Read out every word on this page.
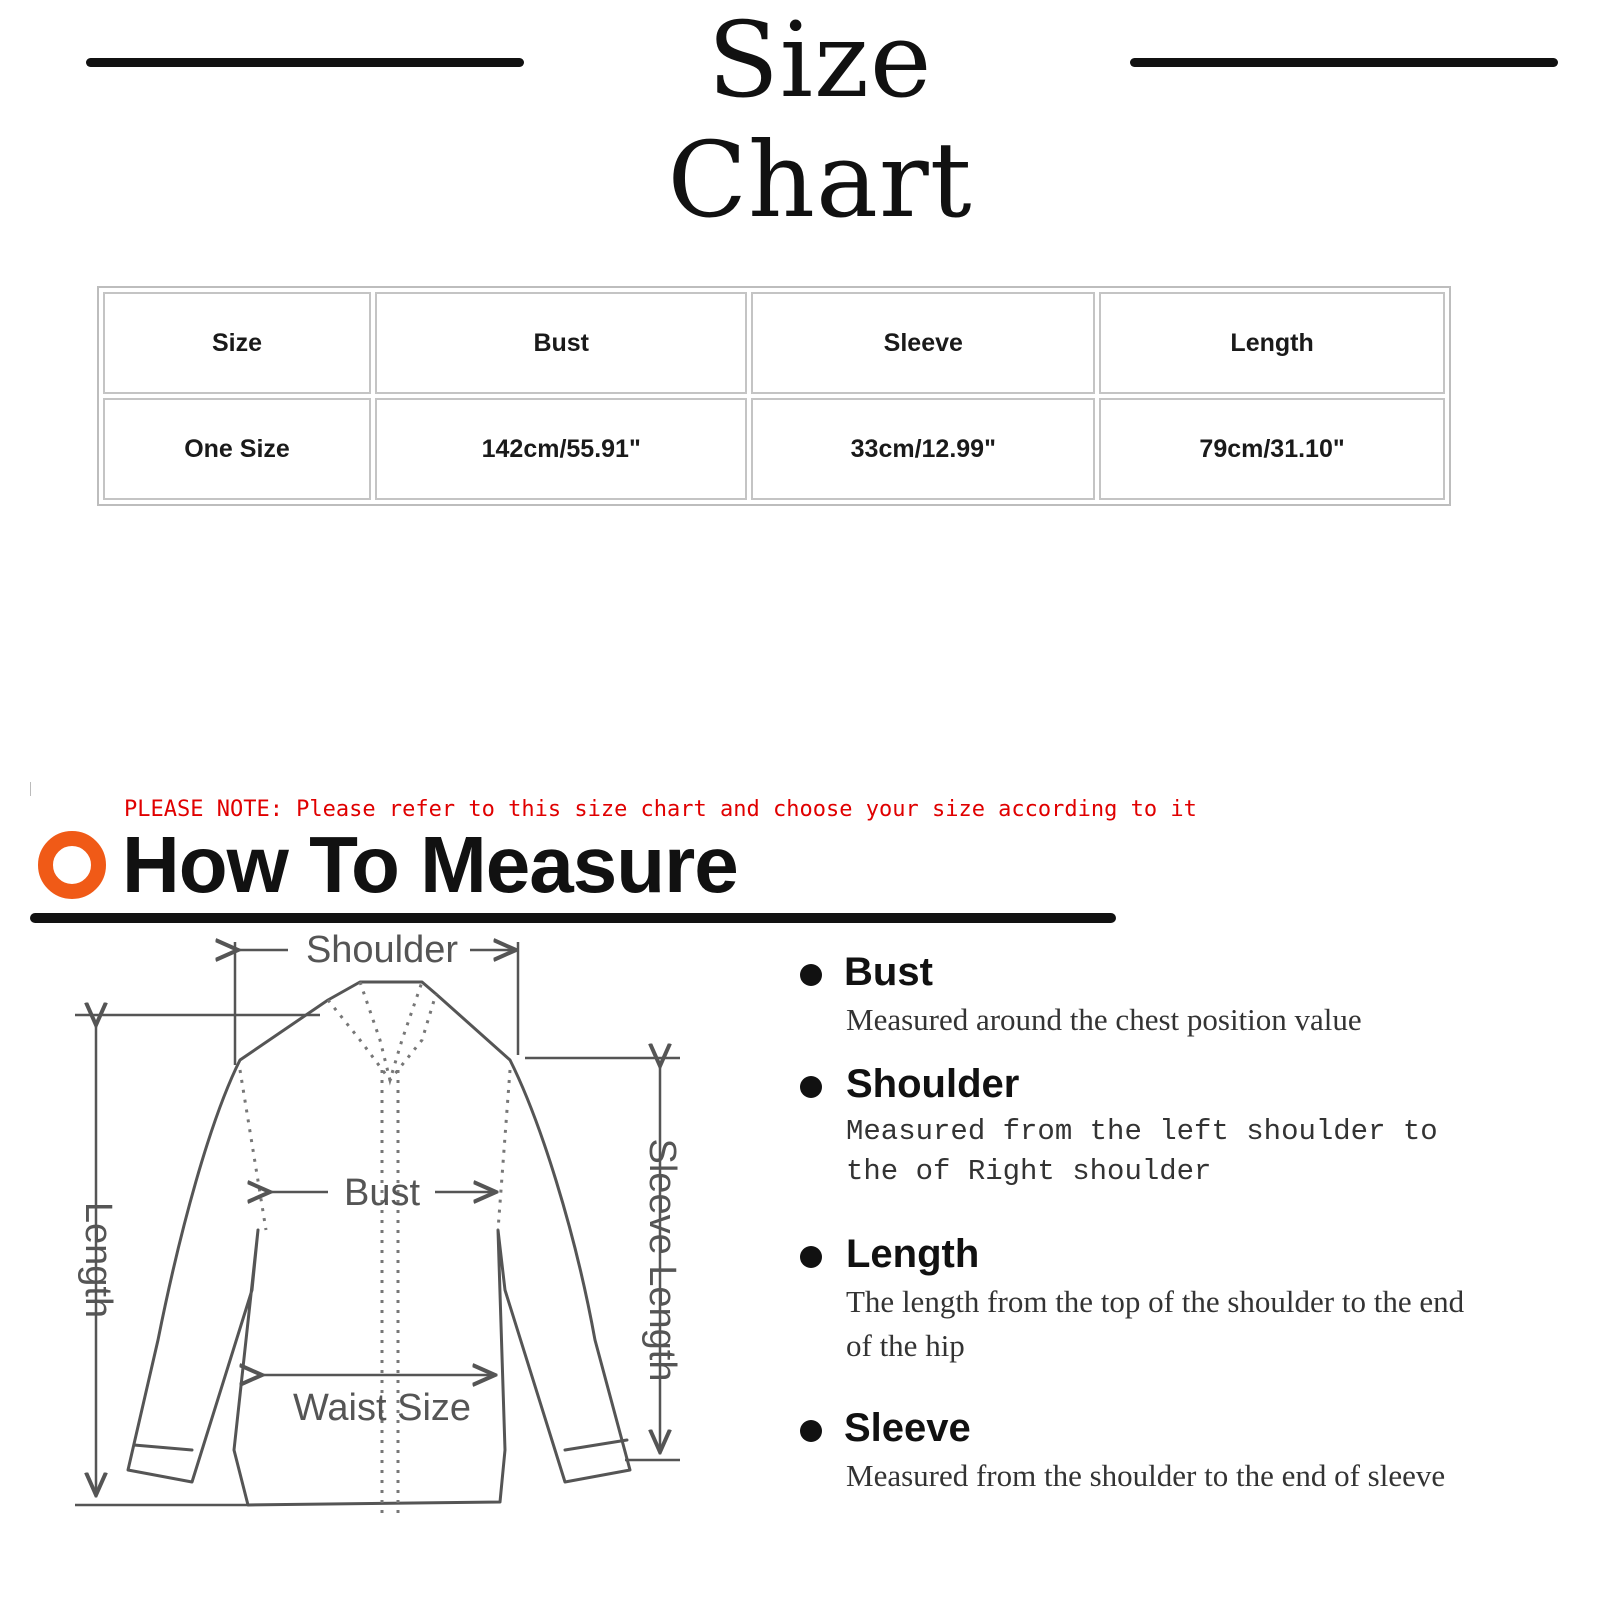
Size Chart
Size	Bust	Sleeve	Length
One Size	142cm/55.91"	33cm/12.99"	79cm/31.10"
PLEASE NOTE: Please refer to this size chart and choose your size according to it
How To Measure
Shoulder
Bust
Waist Size
Length	Sleeve Length
Bust
Measured around the chest position value
Shoulder
Measured from the left shoulder to the of Right shoulder
Length
The length from the top of the shoulder to the end of the hip
Sleeve
Measured from the shoulder to the end of sleeve
